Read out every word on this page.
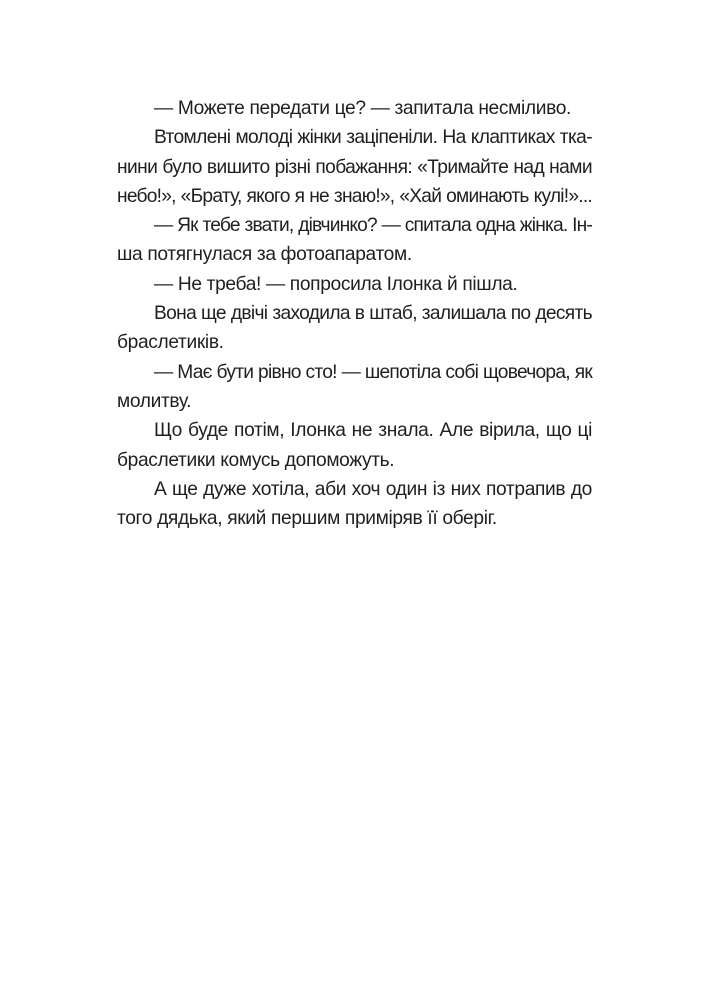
— Можете передати це? — запитала несміливо.
Втомлені молоді жінки заціпеніли. На клаптиках тка-
нини було вишито різні побажання: «Тримайте над нами
небо!», «Брату, якого я не знаю!», «Хай оминають кулі!»...
— Як тебе звати, дівчинко? — спитала одна жінка. Ін-
ша потягнулася за фотоапаратом.
— Не треба! — попросила Ілонка й пішла.
Вона ще двічі заходила в штаб, залишала по десять
браслетиків.
— Має бути рівно сто! — шепотіла собі щовечора, як
молитву.
Що буде потім, Ілонка не знала. Але вірила, що ці
браслетики комусь допоможуть.
А ще дуже хотіла, аби хоч один із них потрапив до
того дядька, який першим приміряв її оберіг.
